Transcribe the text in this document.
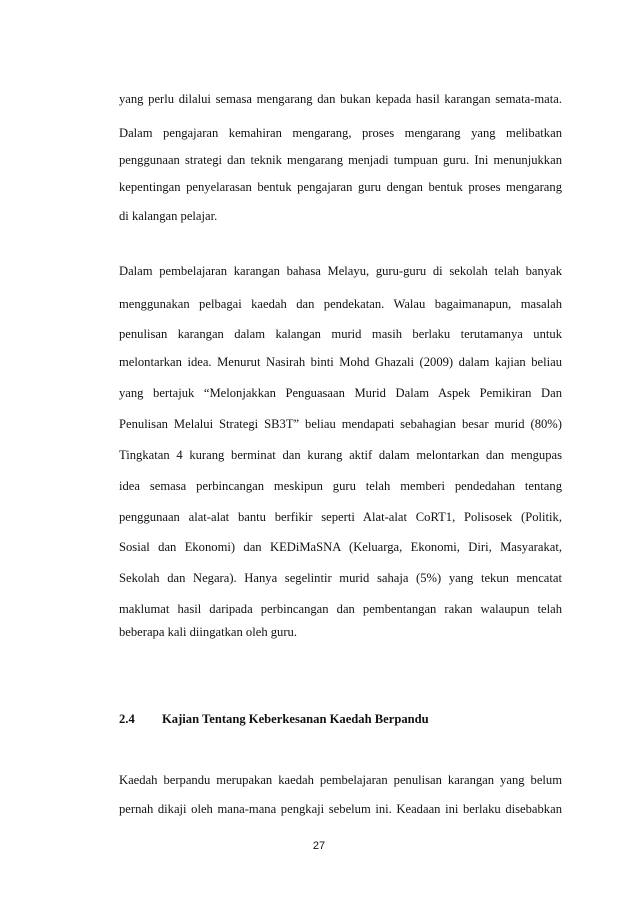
yang perlu dilalui semasa mengarang dan bukan kepada hasil karangan semata-mata.
Dalam pengajaran kemahiran mengarang, proses mengarang yang melibatkan
penggunaan strategi dan teknik mengarang menjadi tumpuan guru. Ini menunjukkan
kepentingan penyelarasan bentuk pengajaran guru dengan bentuk proses mengarang
di kalangan pelajar.
Dalam pembelajaran karangan bahasa Melayu, guru-guru di sekolah telah banyak
menggunakan pelbagai kaedah dan pendekatan. Walau bagaimanapun, masalah
penulisan karangan dalam kalangan murid masih berlaku terutamanya untuk
melontarkan idea. Menurut Nasirah binti Mohd Ghazali (2009) dalam kajian beliau
yang bertajuk “Melonjakkan Penguasaan Murid Dalam Aspek Pemikiran Dan
Penulisan Melalui Strategi SB3T” beliau mendapati sebahagian besar murid (80%)
Tingkatan 4 kurang berminat dan kurang aktif dalam melontarkan dan mengupas
idea semasa perbincangan meskipun guru telah memberi pendedahan tentang
penggunaan alat-alat bantu berfikir seperti Alat-alat CoRT1, Polisosek (Politik,
Sosial dan Ekonomi) dan KEDiMaSNA (Keluarga, Ekonomi, Diri, Masyarakat,
Sekolah dan Negara). Hanya segelintir murid sahaja (5%) yang tekun mencatat
maklumat hasil daripada perbincangan dan pembentangan rakan walaupun telah
beberapa kali diingatkan oleh guru.
2.4 Kajian Tentang Keberkesanan Kaedah Berpandu
Kaedah berpandu merupakan kaedah pembelajaran penulisan karangan yang belum
pernah dikaji oleh mana-mana pengkaji sebelum ini. Keadaan ini berlaku disebabkan
27
